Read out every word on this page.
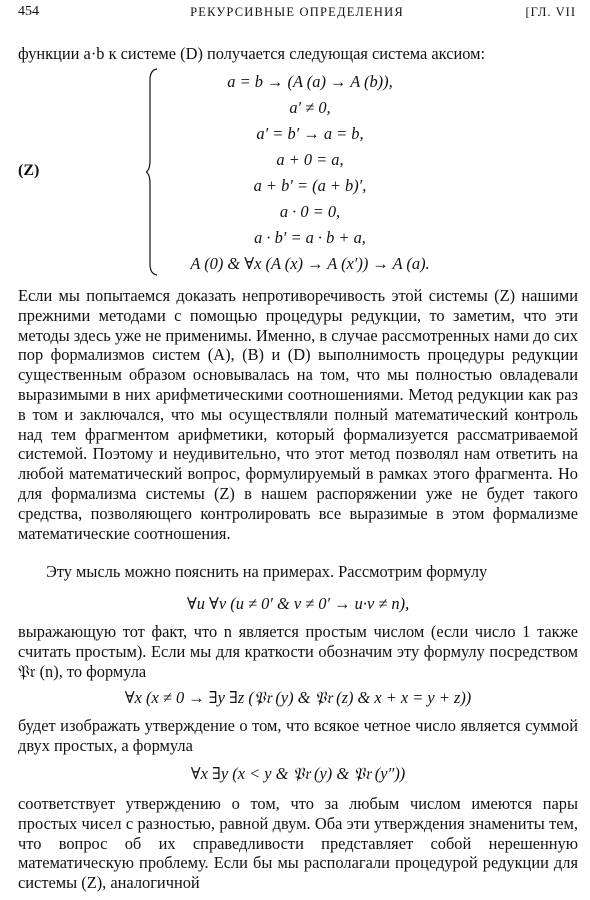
454	РЕКУРСИВНЫЕ ОПРЕДЕЛЕНИЯ	[ГЛ. VII

функции a·b к системе (D) получается следующая система аксиом:

(Z)
a = b → (A (a) → A (b)),
a′ ≠ 0,
a′ = b′ → a = b,
a + 0 = a,
a + b′ = (a + b)′,
a · 0 = 0,
a · b′ = a · b + a,
A (0) & ∀x (A (x) → A (x′)) → A (a).

Если мы попытаемся доказать непротиворечивость этой системы (Z) нашими прежними методами с помощью процедуры редукции, то заметим, что эти методы здесь уже не применимы. Именно, в случае рассмотренных нами до сих пор формализмов систем (A), (B) и (D) выполнимость процедуры редукции существенным образом основывалась на том, что мы полностью овладевали выразимыми в них арифметическими соотношениями. Метод редукции как раз в том и заключался, что мы осуществляли полный математический контроль над тем фрагментом арифметики, который формализуется рассматриваемой системой. Поэтому и неудивительно, что этот метод позволял нам ответить на любой математический вопрос, формулируемый в рамках этого фрагмента. Но для формализма системы (Z) в нашем распоряжении уже не будет такого средства, позволяющего контролировать все выразимые в этом формализме математические соотношения.

Эту мысль можно пояснить на примерах. Рассмотрим формулу

∀u ∀v (u ≠ 0′ & v ≠ 0′ → u·v ≠ n),

выражающую тот факт, что n является простым числом (если число 1 также считать простым). Если мы для краткости обозначим эту формулу посредством 𝔓𝔯 (n), то формула

∀x (x ≠ 0 → ∃y ∃z (𝔓𝔯 (y) & 𝔓𝔯 (z) & x + x = y + z))

будет изображать утверждение о том, что всякое четное число является суммой двух простых, а формула

∀x ∃y (x < y & 𝔓𝔯 (y) & 𝔓𝔯 (y″))

соответствует утверждению о том, что за любым числом имеются пары простых чисел с разностью, равной двум. Оба эти утверждения знамениты тем, что вопрос об их справедливости представляет собой нерешенную математическую проблему. Если бы мы располагали процедурой редукции для системы (Z), аналогичной
